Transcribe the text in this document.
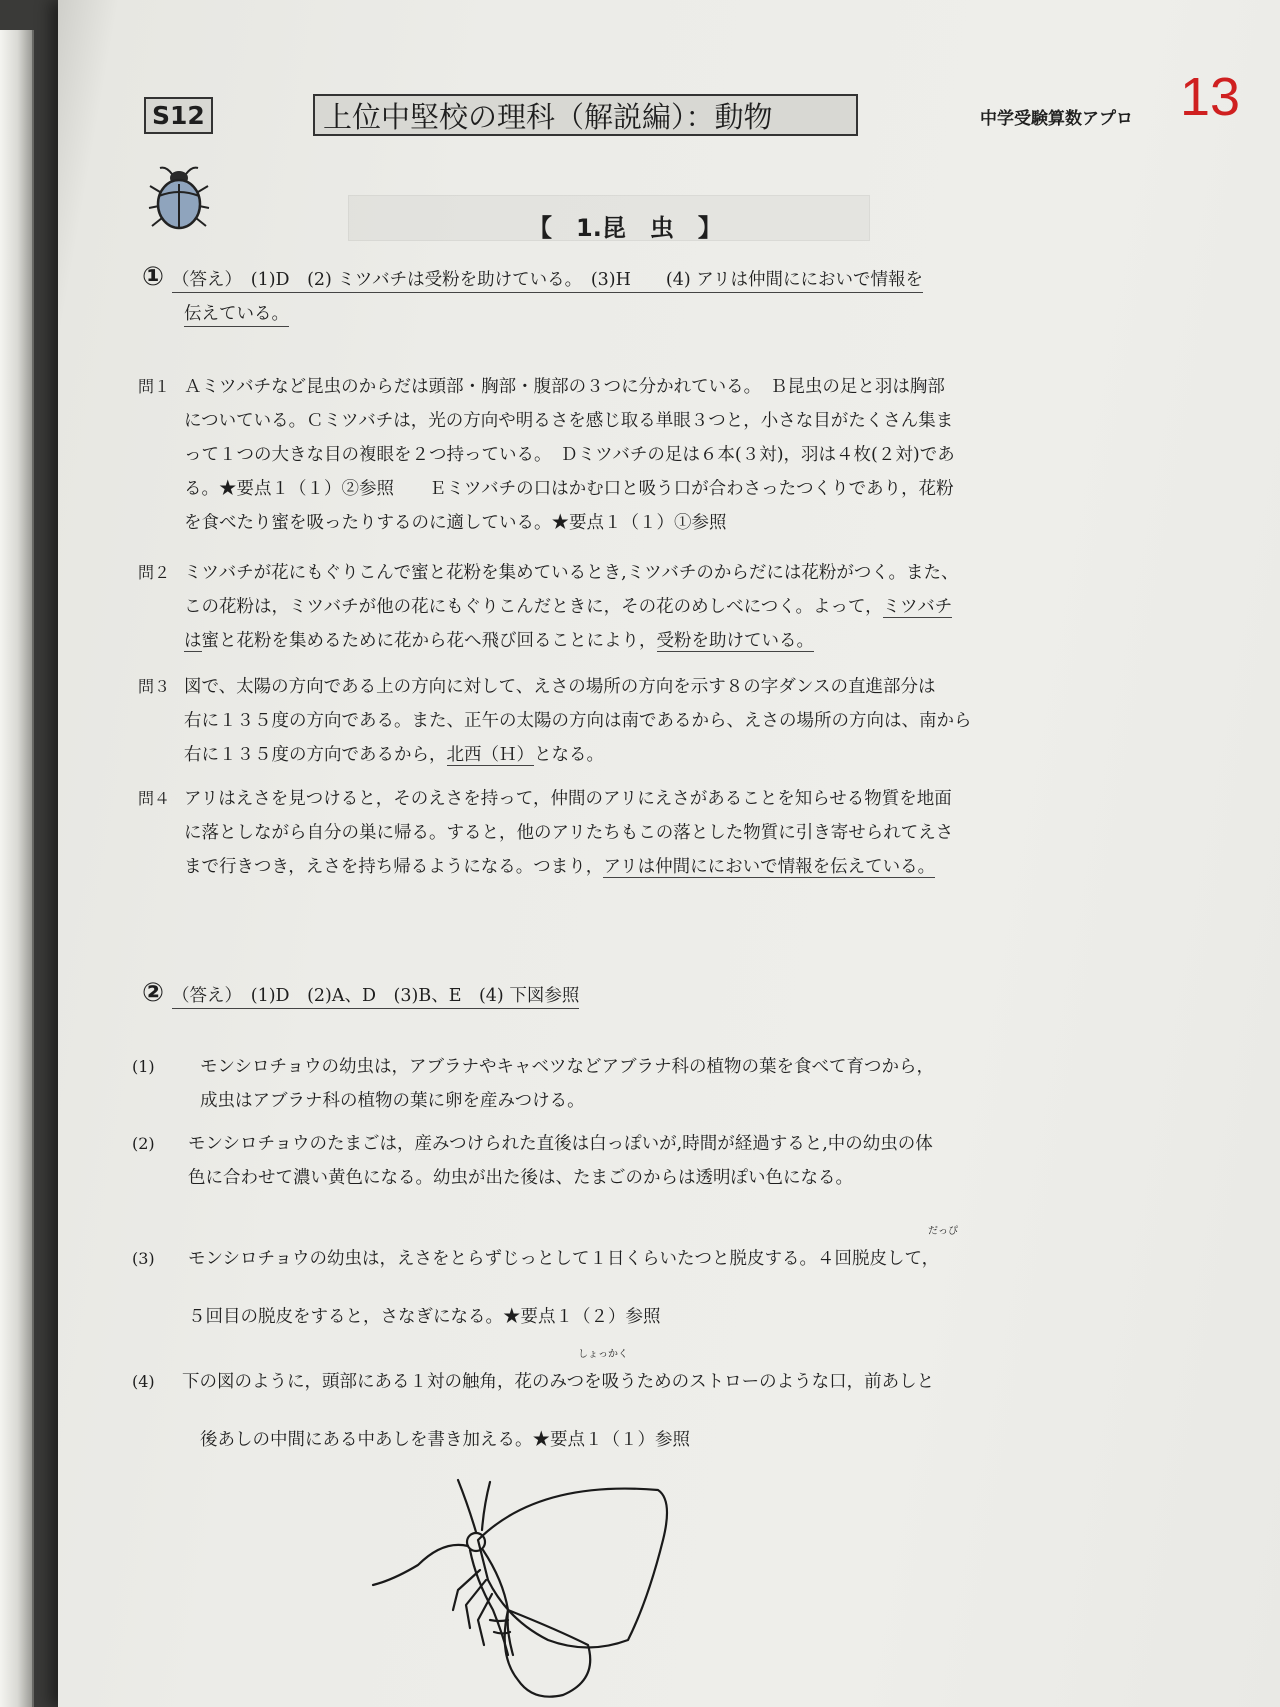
S12	上位中堅校の理科（解説編）：動物	中学受験算数アプロ 13
【　1.昆　虫　】
① （答え）　(1)D　(2) ミツバチは受粉を助けている。　(3)H　　(4) アリは仲間ににおいで情報を
伝えている。
問１ Ａミツバチなど昆虫のからだは頭部・胸部・腹部の３つに分かれている。　Ｂ昆虫の足と羽は胸部
についている。Ｃミツバチは，光の方向や明るさを感じ取る単眼３つと，小さな目がたくさん集ま
って１つの大きな目の複眼を２つ持っている。　Ｄミツバチの足は６本(３対)，羽は４枚(２対)であ
る。★要点１（１）②参照　　Ｅミツバチの口はかむ口と吸う口が合わさったつくりであり，花粉
を食べたり蜜を吸ったりするのに適している。★要点１（１）①参照
問２ ミツバチが花にもぐりこんで蜜と花粉を集めているとき,ミツバチのからだには花粉がつく。また、
この花粉は，ミツバチが他の花にもぐりこんだときに，その花のめしべにつく。よって，ミツバチ
は蜜と花粉を集めるために花から花へ飛び回ることにより，受粉を助けている。
問３ 図で、太陽の方向である上の方向に対して、えさの場所の方向を示す８の字ダンスの直進部分は
右に１３５度の方向である。また、正午の太陽の方向は南であるから、えさの場所の方向は、南から
右に１３５度の方向であるから，北西（Ｈ）となる。
問４ アリはえさを見つけると，そのえさを持って，仲間のアリにえさがあることを知らせる物質を地面
に落としながら自分の巣に帰る。すると，他のアリたちもこの落とした物質に引き寄せられてえさ
まで行きつき，えさを持ち帰るようになる。つまり，アリは仲間ににおいで情報を伝えている。
② （答え）　(1)D　(2)A、D　(3)B、E　(4) 下図参照
(1)	モンシロチョウの幼虫は，アブラナやキャベツなどアブラナ科の植物の葉を食べて育つから，
成虫はアブラナ科の植物の葉に卵を産みつける。
(2) モンシロチョウのたまごは，産みつけられた直後は白っぽいが,時間が経過すると,中の幼虫の体
色に合わせて濃い黄色になる。幼虫が出た後は、たまごのからは透明ぽい色になる。
だっぴ
(3) モンシロチョウの幼虫は，えさをとらずじっとして１日くらいたつと脱皮する。４回脱皮して，
５回目の脱皮をすると，さなぎになる。★要点１（２）参照
しょっかく
(4) 下の図のように，頭部にある１対の触角，花のみつを吸うためのストローのような口，前あしと
後あしの中間にある中あしを書き加える。★要点１（１）参照
